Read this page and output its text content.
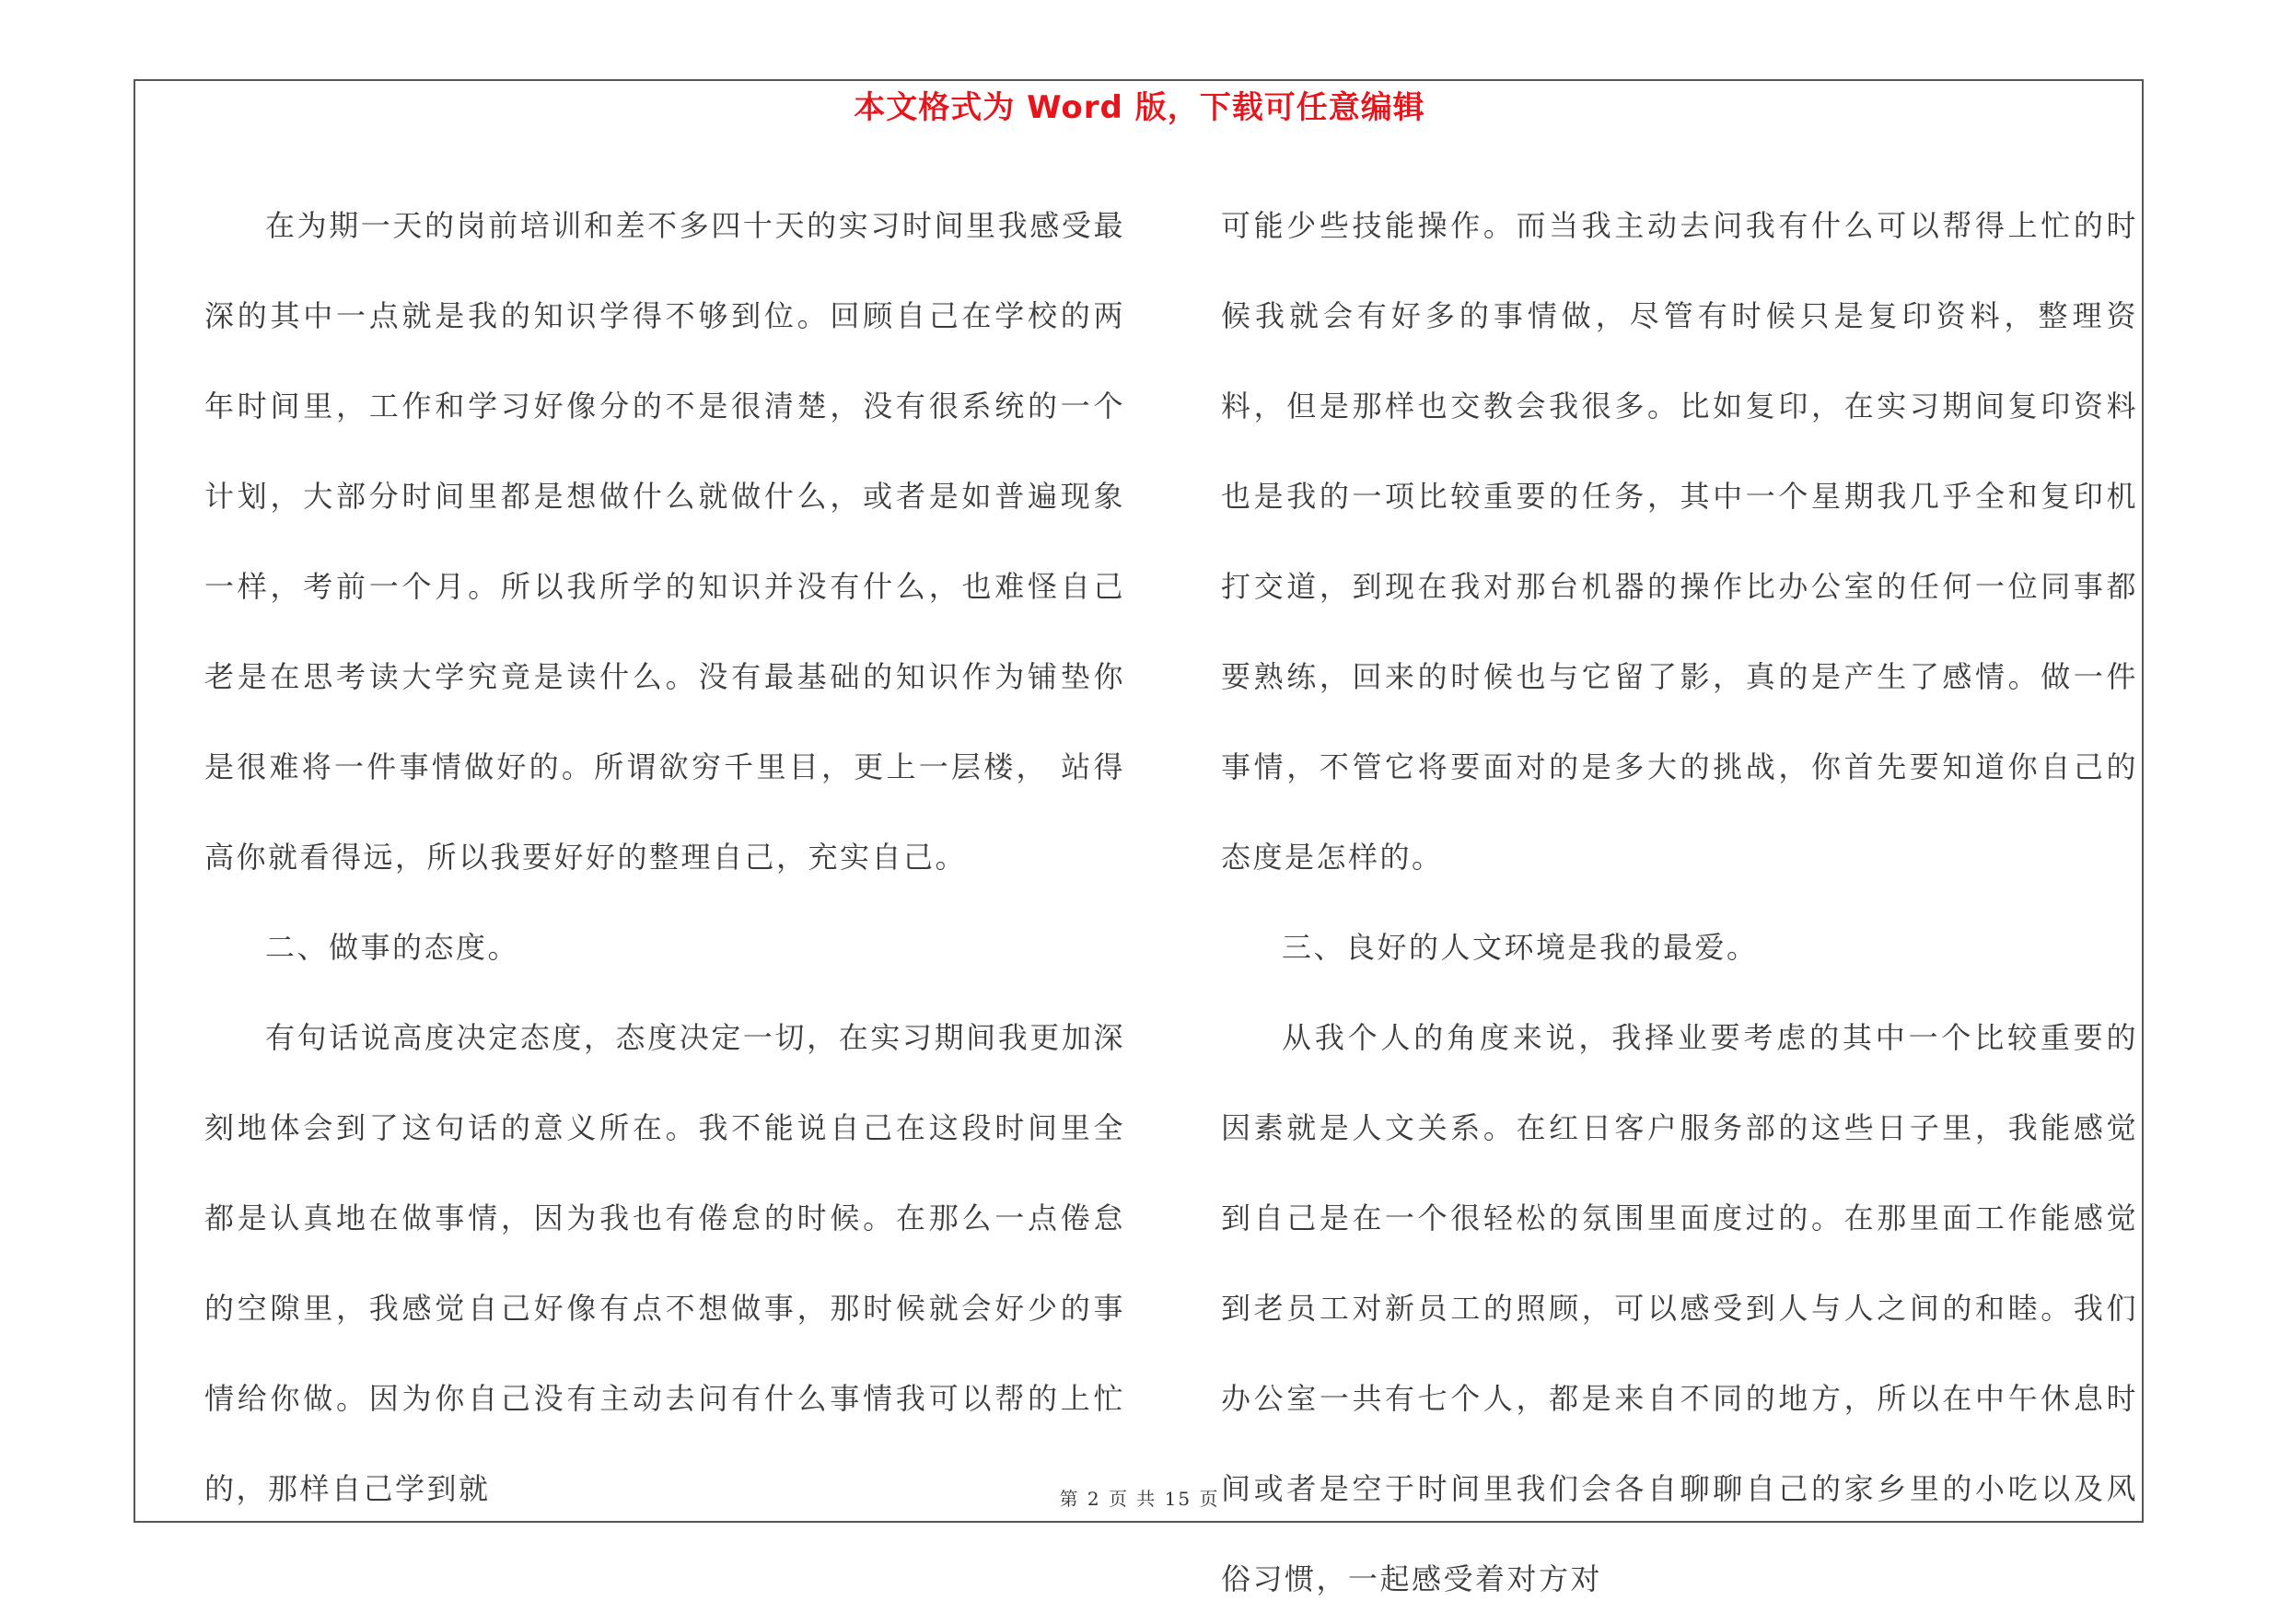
本文格式为 Word 版，下载可任意编辑

在为期一天的岗前培训和差不多四十天的实习时间里我感受最深的其中一点就是我的知识学得不够到位。回顾自己在学校的两年时间里，工作和学习好像分的不是很清楚，没有很系统的一个计划，大部分时间里都是想做什么就做什么，或者是如普遍现象一样，考前一个月。所以我所学的知识并没有什么，也难怪自己老是在思考读大学究竟是读什么。没有最基础的知识作为铺垫你是很难将一件事情做好的。所谓欲穷千里目，更上一层楼， 站得高你就看得远，所以我要好好的整理自己，充实自己。

二、做事的态度。

有句话说高度决定态度，态度决定一切，在实习期间我更加深刻地体会到了这句话的意义所在。我不能说自己在这段时间里全都是认真地在做事情，因为我也有倦怠的时候。在那么一点倦怠的空隙里，我感觉自己好像有点不想做事，那时候就会好少的事情给你做。因为你自己没有主动去问有什么事情我可以帮的上忙的，那样自己学到就

可能少些技能操作。而当我主动去问我有什么可以帮得上忙的时候我就会有好多的事情做，尽管有时候只是复印资料，整理资料，但是那样也交教会我很多。比如复印，在实习期间复印资料也是我的一项比较重要的任务，其中一个星期我几乎全和复印机打交道，到现在我对那台机器的操作比办公室的任何一位同事都要熟练，回来的时候也与它留了影，真的是产生了感情。做一件事情，不管它将要面对的是多大的挑战，你首先要知道你自己的态度是怎样的。

三、良好的人文环境是我的最爱。

从我个人的角度来说，我择业要考虑的其中一个比较重要的因素就是人文关系。在红日客户服务部的这些日子里，我能感觉到自己是在一个很轻松的氛围里面度过的。在那里面工作能感觉到老员工对新员工的照顾，可以感受到人与人之间的和睦。我们办公室一共有七个人，都是来自不同的地方，所以在中午休息时间或者是空于时间里我们会各自聊聊自己的家乡里的小吃以及风俗习惯，一起感受着对方对

第 2 页 共 15 页
